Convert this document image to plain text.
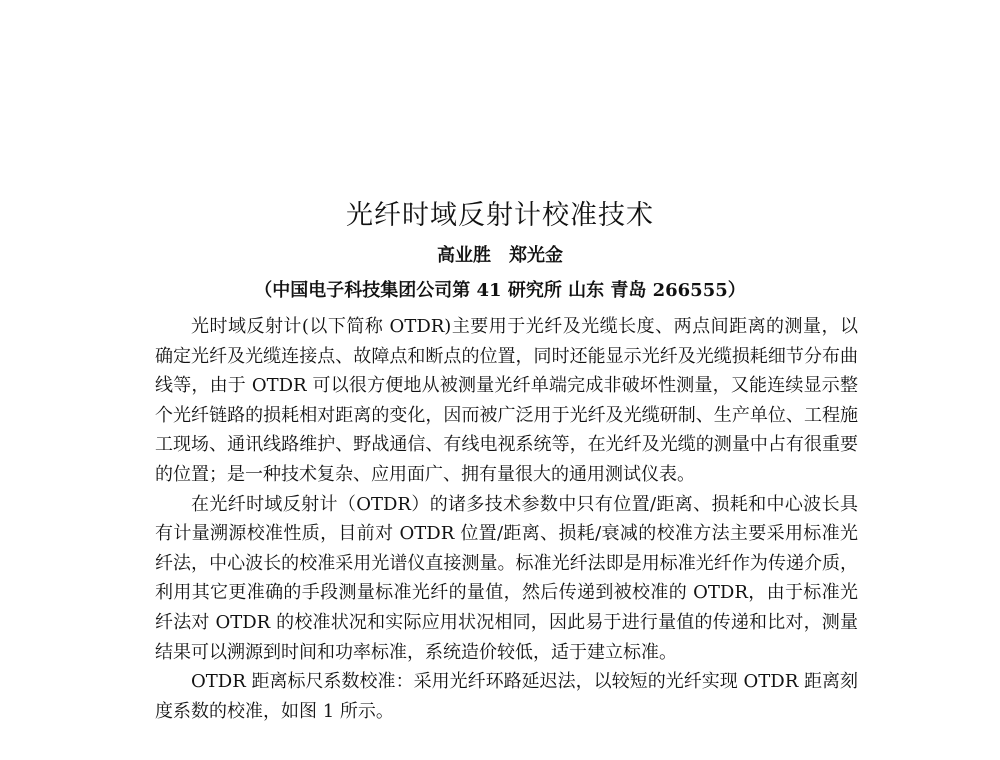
光纤时域反射计校准技术
高业胜　郑光金
（中国电子科技集团公司第 41 研究所 山东 青岛 266555）

光时域反射计(以下简称 OTDR)主要用于光纤及光缆长度、两点间距离的测量，以确定光纤及光缆连接点、故障点和断点的位置，同时还能显示光纤及光缆损耗细节分布曲线等，由于 OTDR 可以很方便地从被测量光纤单端完成非破坏性测量，又能连续显示整个光纤链路的损耗相对距离的变化，因而被广泛用于光纤及光缆研制、生产单位、工程施工现场、通讯线路维护、野战通信、有线电视系统等，在光纤及光缆的测量中占有很重要的位置；是一种技术复杂、应用面广、拥有量很大的通用测试仪表。

在光纤时域反射计（OTDR）的诸多技术参数中只有位置/距离、损耗和中心波长具有计量溯源校准性质，目前对 OTDR 位置/距离、损耗/衰减的校准方法主要采用标准光纤法，中心波长的校准采用光谱仪直接测量。标准光纤法即是用标准光纤作为传递介质，利用其它更准确的手段测量标准光纤的量值，然后传递到被校准的 OTDR，由于标准光纤法对 OTDR 的校准状况和实际应用状况相同，因此易于进行量值的传递和比对，测量结果可以溯源到时间和功率标准，系统造价较低，适于建立标准。

OTDR 距离标尺系数校准：采用光纤环路延迟法，以较短的光纤实现 OTDR 距离刻度系数的校准，如图 1 所示。
